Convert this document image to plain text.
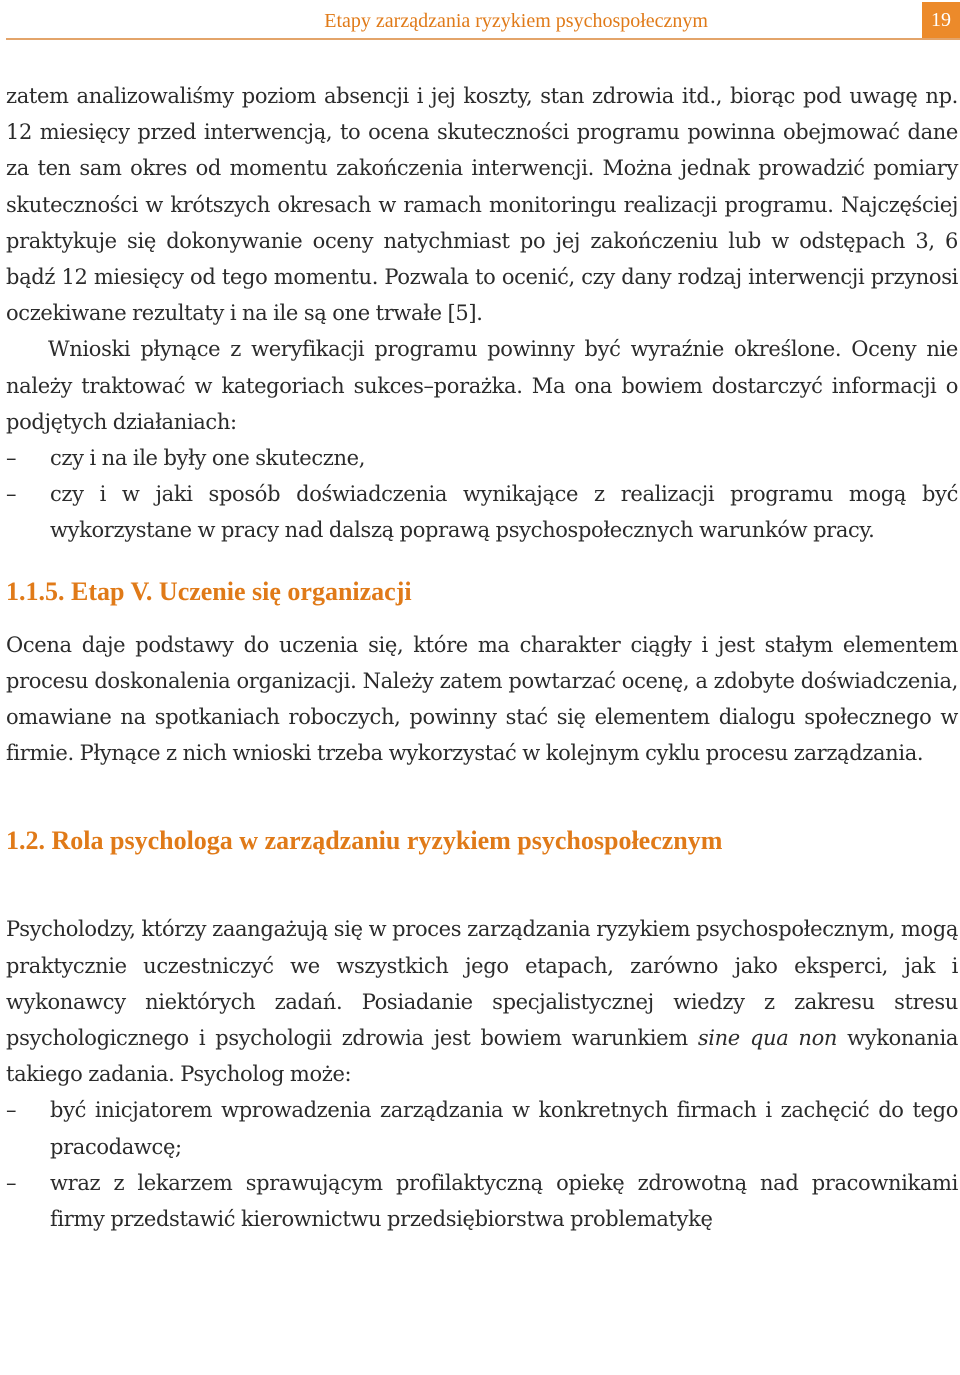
Etapy zarządzania ryzykiem psychospołecznym	19

zatem analizowaliśmy poziom absencji i jej koszty, stan zdrowia itd., biorąc pod uwagę np. 12 miesięcy przed interwencją, to ocena skuteczności programu powinna obejmować dane za ten sam okres od momentu zakończenia interwencji. Można jednak prowadzić pomiary skuteczności w krótszych okresach w ramach monitoringu realizacji programu. Najczęściej praktykuje się dokonywanie oceny natychmiast po jej zakończeniu lub w odstępach 3, 6 bądź 12 miesięcy od tego momentu. Pozwala to ocenić, czy dany rodzaj interwencji przynosi oczekiwane rezultaty i na ile są one trwałe [5].

Wnioski płynące z weryfikacji programu powinny być wyraźnie określone. Oceny nie należy traktować w kategoriach sukces–porażka. Ma ona bowiem dostarczyć informacji o podjętych działaniach:

–	czy i na ile były one skuteczne,
–	czy i w jaki sposób doświadczenia wynikające z realizacji programu mogą być wykorzystane w pracy nad dalszą poprawą psychospołecznych warunków pracy.
1.1.5. Etap V. Uczenie się organizacji

Ocena daje podstawy do uczenia się, które ma charakter ciągły i jest stałym elementem procesu doskonalenia organizacji. Należy zatem powtarzać ocenę, a zdobyte doświadczenia, omawiane na spotkaniach roboczych, powinny stać się elementem dialogu społecznego w firmie. Płynące z nich wnioski trzeba wykorzystać w kolejnym cyklu procesu zarządzania.

1.2. Rola psychologa w zarządzaniu ryzykiem psychospołecznym

Psycholodzy, którzy zaangażują się w proces zarządzania ryzykiem psychospołecznym, mogą praktycznie uczestniczyć we wszystkich jego etapach, zarówno jako eksperci, jak i wykonawcy niektórych zadań. Posiadanie specjalistycznej wiedzy z zakresu stresu psychologicznego i psychologii zdrowia jest bowiem warunkiem sine qua non wykonania takiego zadania. Psycholog może:

–	być inicjatorem wprowadzenia zarządzania w konkretnych firmach i zachęcić do tego pracodawcę;
–	wraz z lekarzem sprawującym profilaktyczną opiekę zdrowotną nad pracownikami firmy przedstawić kierownictwu przedsiębiorstwa problematykę
